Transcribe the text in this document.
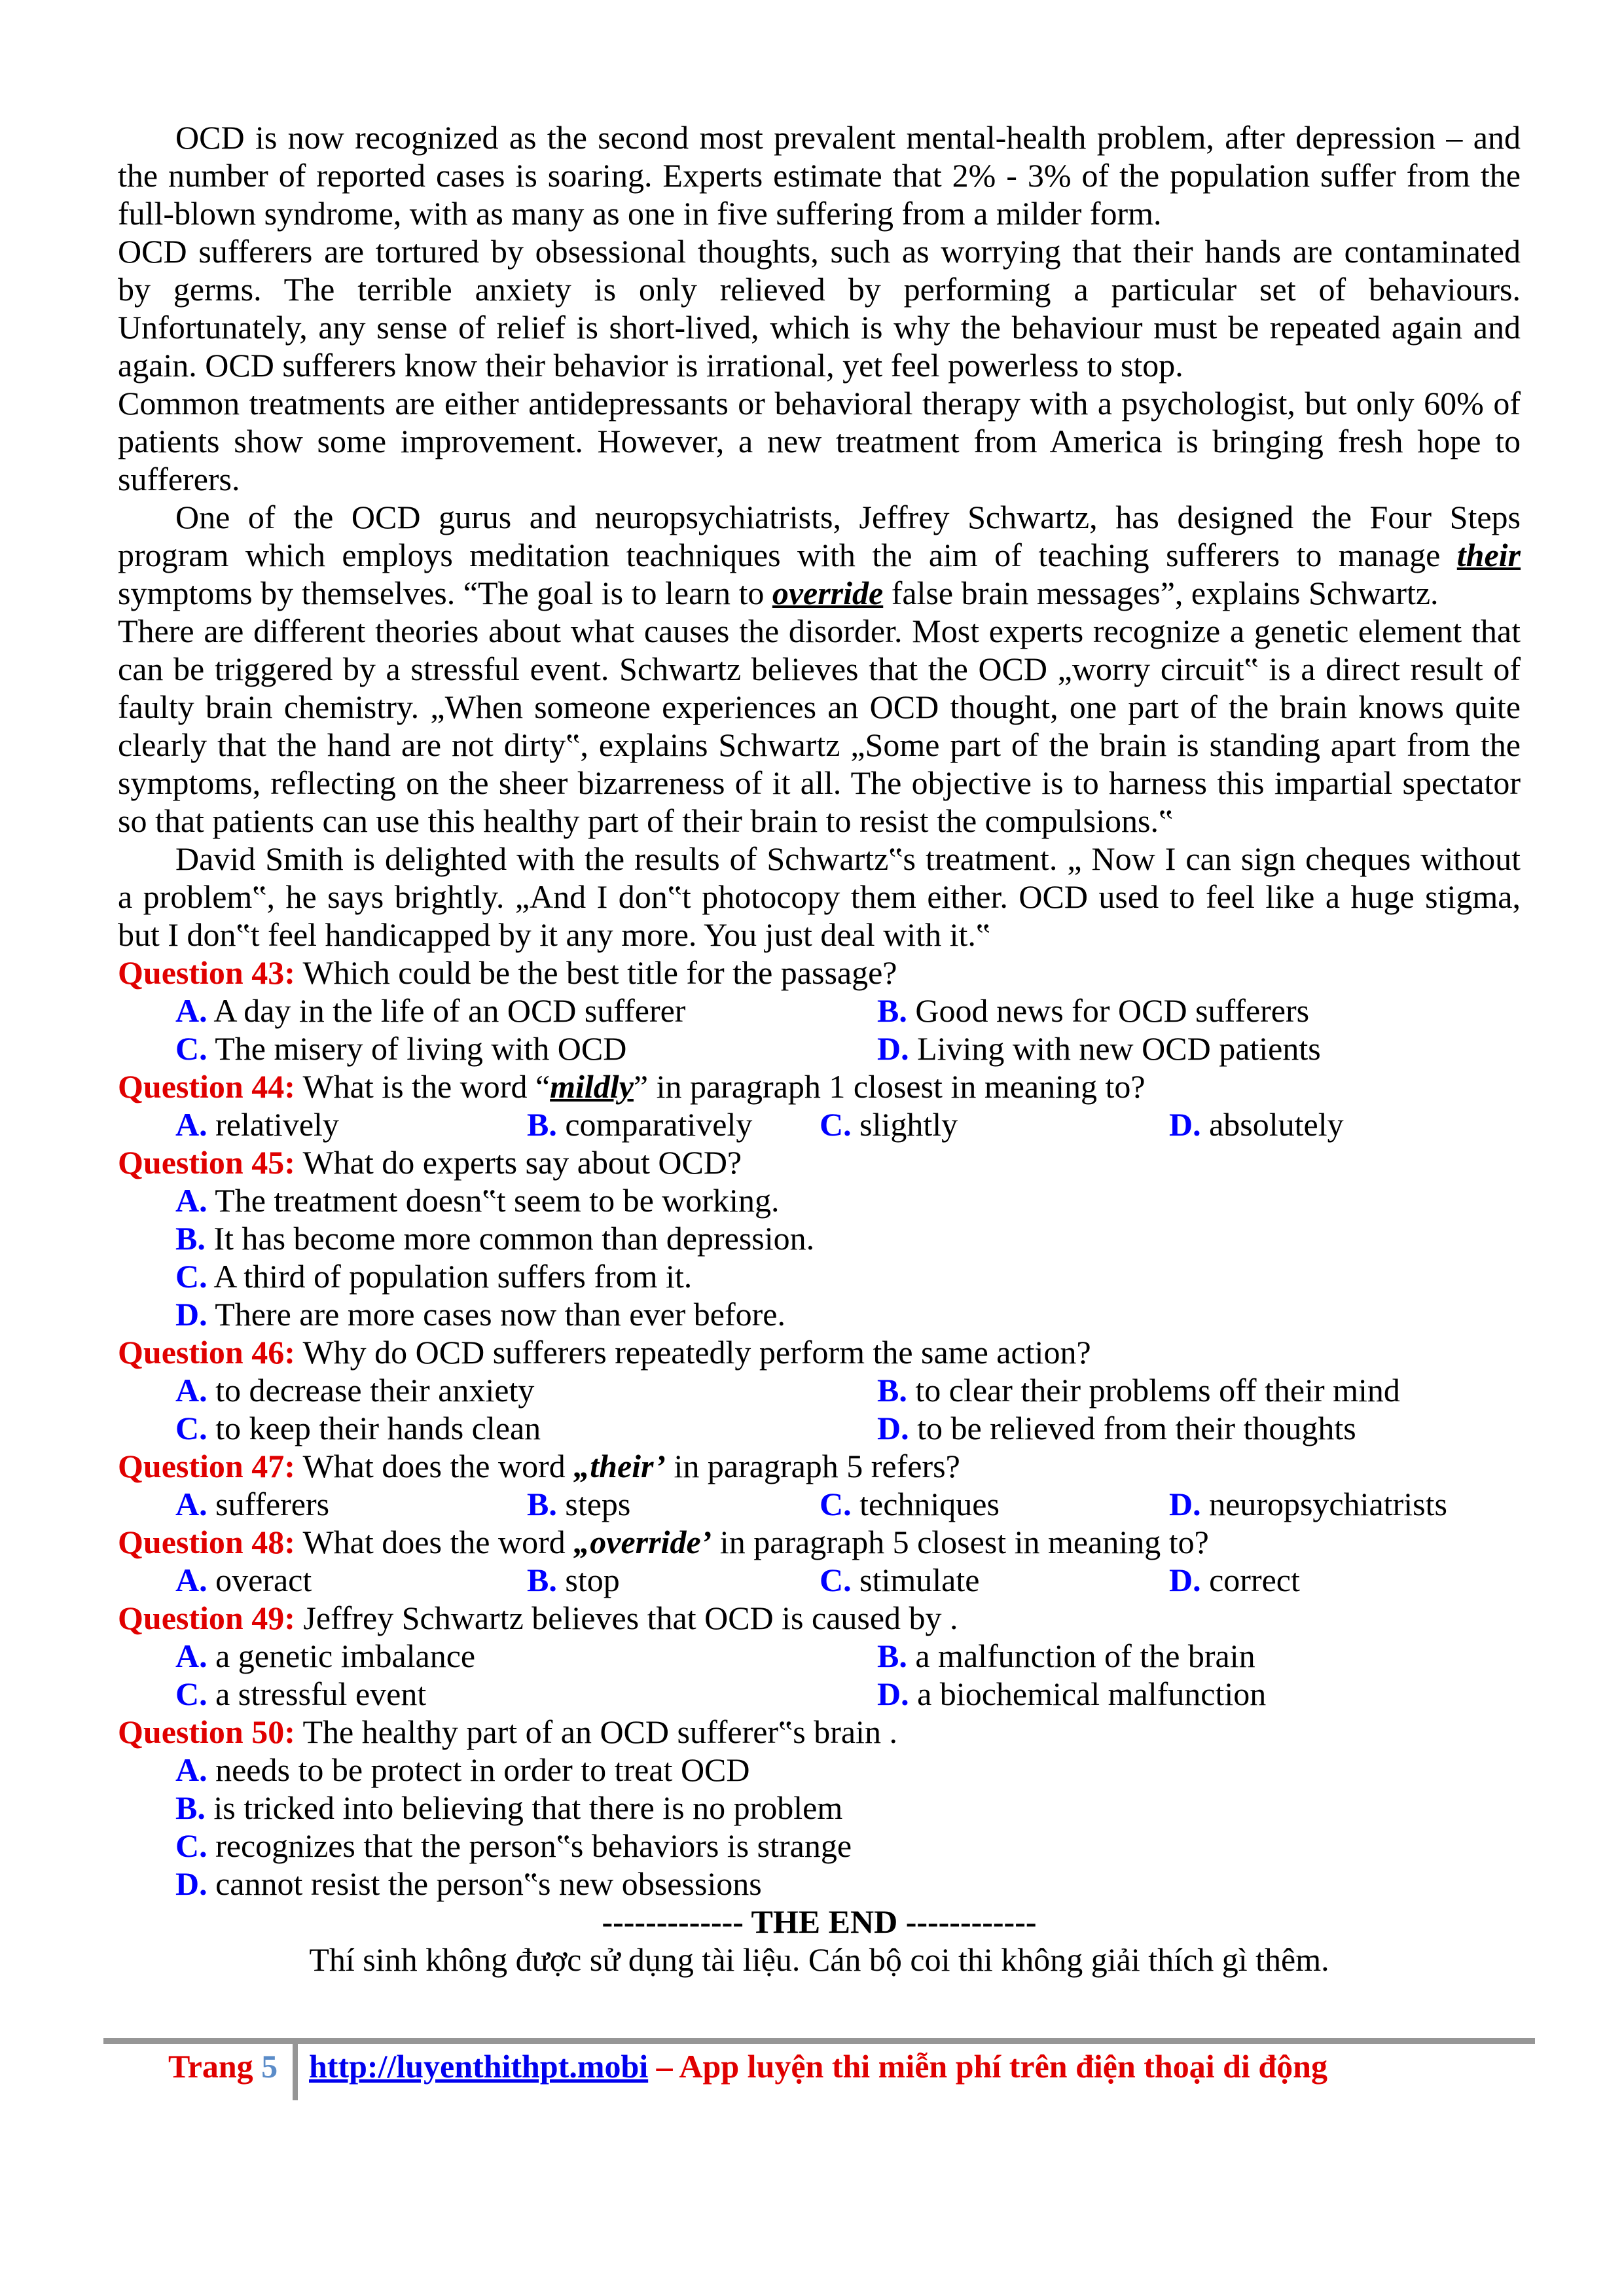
OCD is now recognized as the second most prevalent mental-health problem, after depression – and
the number of reported cases is soaring. Experts estimate that 2% - 3% of the population suffer from the
full-blown syndrome, with as many as one in five suffering from a milder form.
OCD sufferers are tortured by obsessional thoughts, such as worrying that their hands are contaminated
by germs. The terrible anxiety is only relieved by performing a particular set of behaviours.
Unfortunately, any sense of relief is short-lived, which is why the behaviour must be repeated again and
again. OCD sufferers know their behavior is irrational, yet feel powerless to stop.
Common treatments are either antidepressants or behavioral therapy with a psychologist, but only 60% of
patients show some improvement. However, a new treatment from America is bringing fresh hope to
sufferers.
One of the OCD gurus and neuropsychiatrists, Jeffrey Schwartz, has designed the Four Steps
program which employs meditation teachniques with the aim of teaching sufferers to manage their
symptoms by themselves. “The goal is to learn to override false brain messages”, explains Schwartz.
There are different theories about what causes the disorder. Most experts recognize a genetic element that
can be triggered by a stressful event. Schwartz believes that the OCD „worry circuit‟ is a direct result of
faulty brain chemistry. „When someone experiences an OCD thought, one part of the brain knows quite
clearly that the hand are not dirty‟, explains Schwartz „Some part of the brain is standing apart from the
symptoms, reflecting on the sheer bizarreness of it all. The objective is to harness this impartial spectator
so that patients can use this healthy part of their brain to resist the compulsions.‟
David Smith is delighted with the results of Schwartz‟s treatment. „ Now I can sign cheques without
a problem‟, he says brightly. „And I don‟t photocopy them either. OCD used to feel like a huge stigma,
but I don‟t feel handicapped by it any more. You just deal with it.‟
Question 43: Which could be the best title for the passage?
A. A day in the life of an OCD sufferer	B. Good news for OCD sufferers
C. The misery of living with OCD	D. Living with new OCD patients
Question 44: What is the word “mildly” in paragraph 1 closest in meaning to?
A. relatively	B. comparatively C. slightly	D. absolutely
Question 45: What do experts say about OCD?
A. The treatment doesn‟t seem to be working.
B. It has become more common than depression.
C. A third of population suffers from it.
D. There are more cases now than ever before.
Question 46: Why do OCD sufferers repeatedly perform the same action?
A. to decrease their anxiety	B. to clear their problems off their mind
C. to keep their hands clean	D. to be relieved from their thoughts
Question 47: What does the word „their’ in paragraph 5 refers?
A. sufferers	B. steps	C. techniques	D. neuropsychiatrists
Question 48: What does the word „override’ in paragraph 5 closest in meaning to?
A. overact	B. stop	C. stimulate	D. correct
Question 49: Jeffrey Schwartz believes that OCD is caused by .
A. a genetic imbalance	B. a malfunction of the brain
C. a stressful event	D. a biochemical malfunction
Question 50: The healthy part of an OCD sufferer‟s brain .
A. needs to be protect in order to treat OCD
B. is tricked into believing that there is no problem
C. recognizes that the person‟s behaviors is strange
D. cannot resist the person‟s new obsessions
------------- THE END ------------
Thí sinh không được sử dụng tài liệu. Cán bộ coi thi không giải thích gì thêm.
Trang 5 http://luyenthithpt.mobi – App luyện thi miễn phí trên điện thoại di động
